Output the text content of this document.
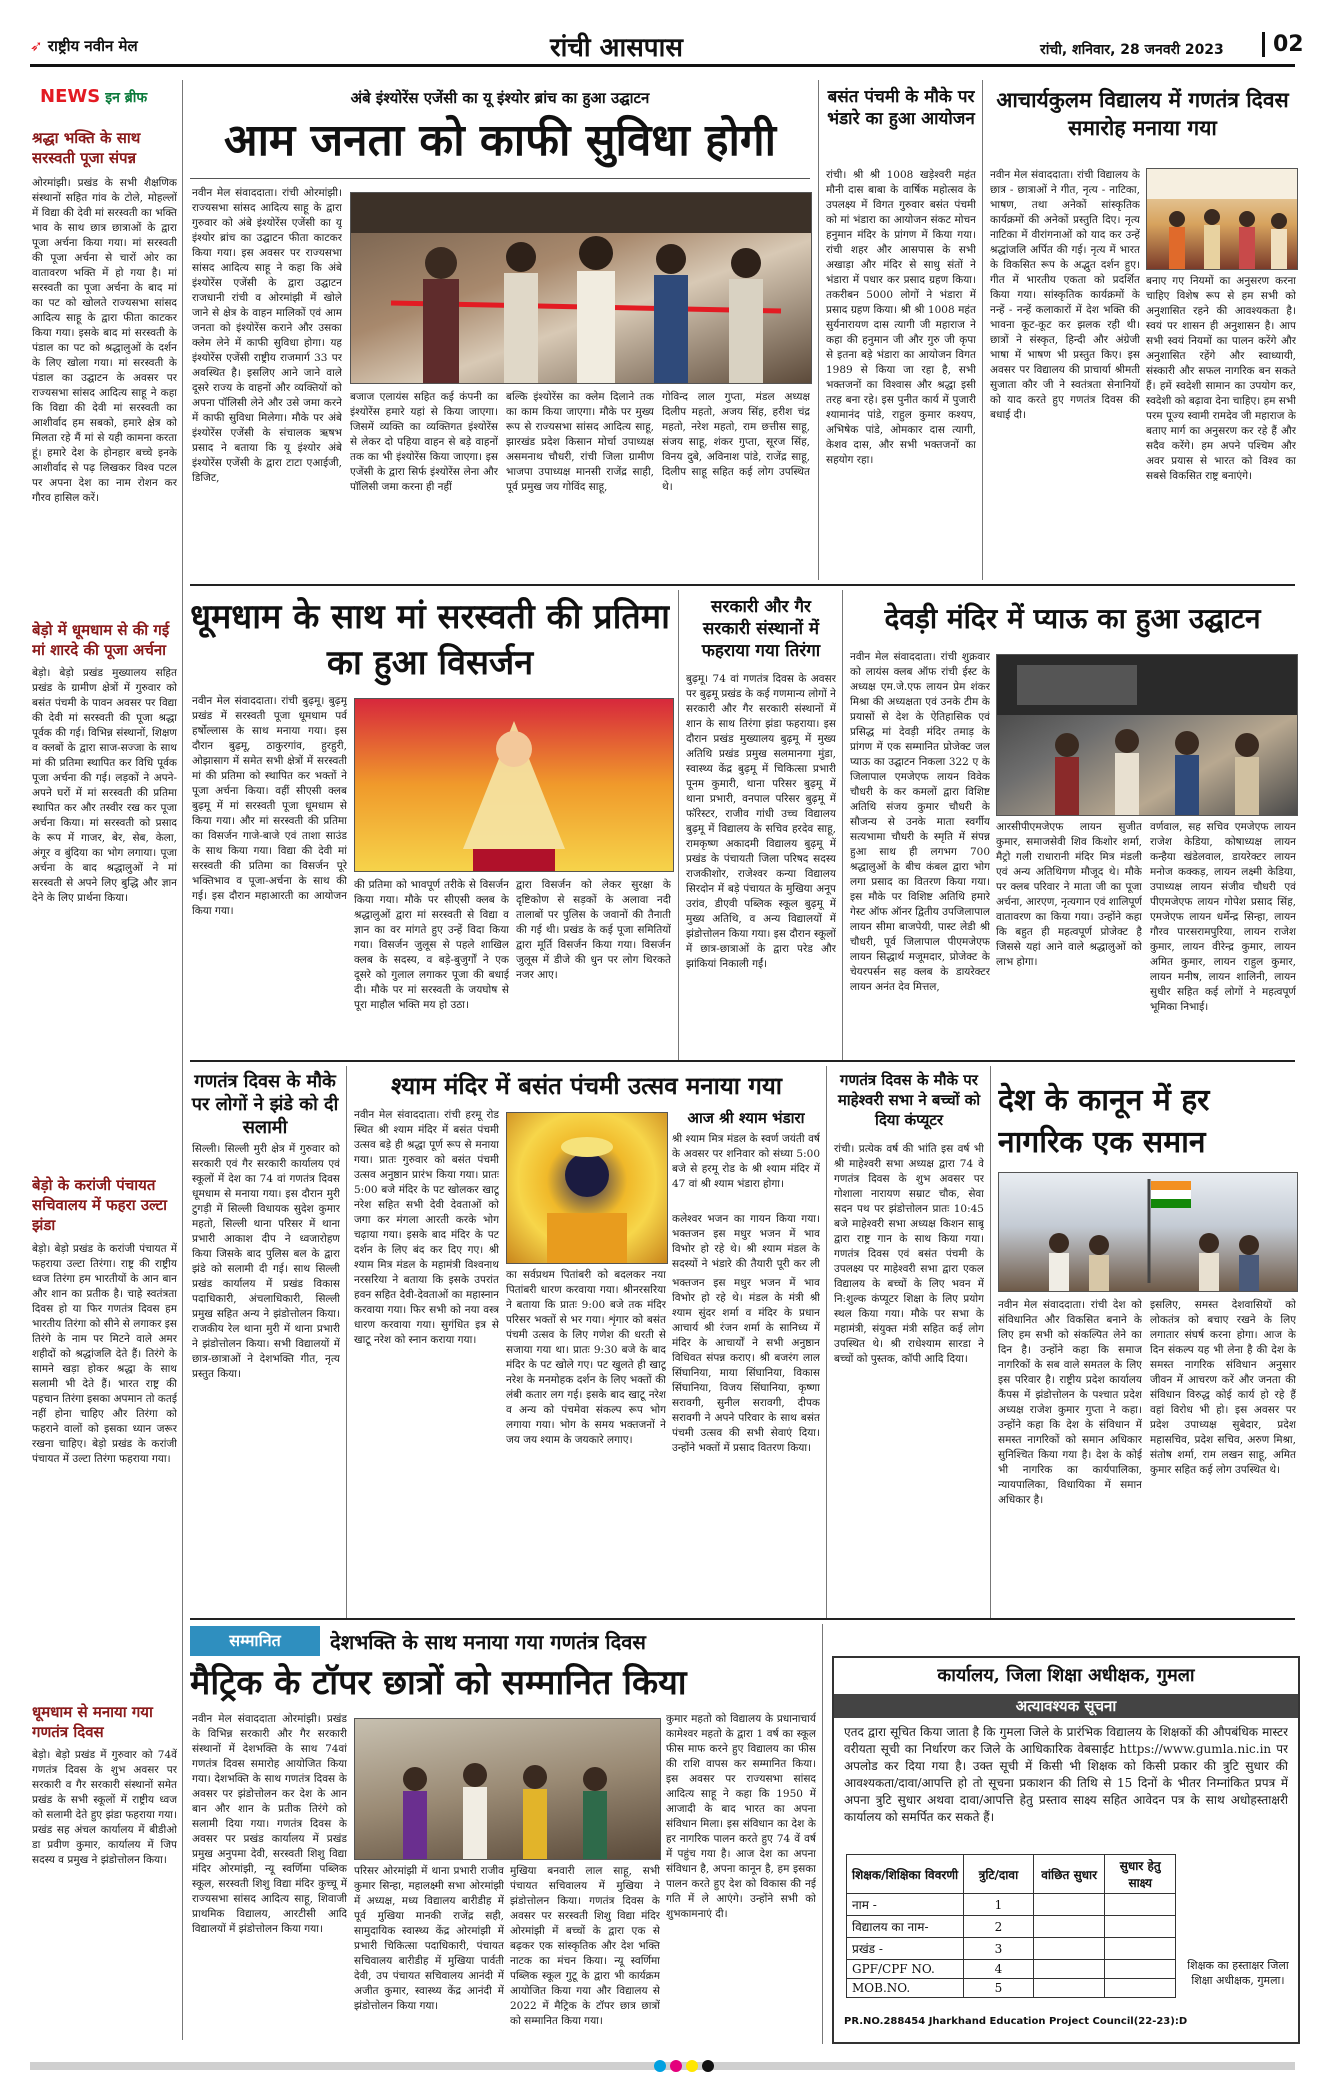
➶ राष्ट्रीय नवीन मेल	रांची आसपास	रांची, शनिवार, 28 जनवरी 2023	02
NEWS इन ब्रीफ
श्रद्धा भक्ति के साथ सरस्वती पूजा संपन्न
ओरमांझी। प्रखंड के सभी शैक्षणिक संस्थानों सहित गांव के टोले, मोहल्लों में विद्या की देवी मां सरस्वती का भक्ति भाव के साथ छात्र छात्राओं के द्वारा पूजा अर्चना किया गया। मां सरस्वती की पूजा अर्चना से चारों ओर का वातावरण भक्ति में हो गया है। मां सरस्वती का पूजा अर्चना के बाद मां का पट को खोलते राज्यसभा सांसद आदित्य साहू के द्वारा फीता काटकर किया गया। इसके बाद मां सरस्वती के पंडाल का पट को श्रद्धालुओं के दर्शन के लिए खोला गया। मां सरस्वती के पंडाल का उद्घाटन के अवसर पर राज्यसभा सांसद आदित्य साहू ने कहा कि विद्या की देवी मां सरस्वती का आशीर्वाद हम सबको, हमारे क्षेत्र को मिलता रहे मैं मां से यही कामना करता हूं। हमारे देश के होनहार बच्चे इनके आशीर्वाद से पढ़ लिखकर विश्व पटल पर अपना देश का नाम रोशन कर गौरव हासिल करें।
बेड़ो में धूमधाम से की गई मां शारदे की पूजा अर्चना
बेड़ो। बेड़ो प्रखंड मुख्यालय सहित प्रखंड के ग्रामीण क्षेत्रों में गुरुवार को बसंत पंचमी के पावन अवसर पर विद्या की देवी मां सरस्वती की पूजा श्रद्धा पूर्वक की गई। विभिन्न संस्थानों, शिक्षण व क्लबों के द्वारा साज-सज्जा के साथ मां की प्रतिमा स्थापित कर विधि पूर्वक पूजा अर्चना की गई। लड़कों ने अपने-अपने घरों में मां सरस्वती की प्रतिमा स्थापित कर और तस्वीर रख कर पूजा अर्चना किया। मां सरस्वती को प्रसाद के रूप में गाजर, बेर, सेब, केला, अंगूर व बुंदिया का भोग लगाया। पूजा अर्चना के बाद श्रद्धालुओं ने मां सरस्वती से अपने लिए बुद्धि और ज्ञान देने के लिए प्रार्थना किया।
बेड़ो के करांजी पंचायत सचिवालय में फहरा उल्टा झंडा
बेड़ो। बेड़ो प्रखंड के करांजी पंचायत में फहराया उल्टा तिरंगा। राष्ट्र की राष्ट्रीय ध्वज तिरंगा हम भारतीयों के आन बान और शान का प्रतीक है। चाहे स्वतंत्रता दिवस हो या फिर गणतंत्र दिवस हम भारतीय तिरंगा को सीने से लगाकर इस तिरंगे के नाम पर मिटने वाले अमर शहीदों को श्रद्धांजलि देते हैं। तिरंगे के सामने खड़ा होकर श्रद्धा के साथ सलामी भी देते हैं। भारत राष्ट्र की पहचान तिरंगा इसका अपमान तो कतई नहीं होना चाहिए और तिरंगा को फहराने वालों को इसका ध्यान जरूर रखना चाहिए। बेड़ो प्रखंड के करांजी पंचायत में उल्टा तिरंगा फहराया गया।
धूमधाम से मनाया गया गणतंत्र दिवस
बेड़ो। बेड़ो प्रखंड में गुरुवार को 74वें गणतंत्र दिवस के शुभ अवसर पर सरकारी व गैर सरकारी संस्थानों समेत प्रखंड के सभी स्कूलों में राष्ट्रीय ध्वज को सलामी देते हुए झंडा फहराया गया। प्रखंड सह अंचल कार्यालय में बीडीओ डा प्रवीण कुमार, कार्यालय में जिप सदस्य व प्रमुख ने झंडोत्तोलन किया।
अंबे इंश्योरेंस एजेंसी का यू इंश्योर ब्रांच का हुआ उद्घाटन
आम जनता को काफी सुविधा होगी
नवीन मेल संवाददाता। रांची ओरमांझी। राज्यसभा सांसद आदित्य साहू के द्वारा गुरुवार को अंबे इंश्योरेंस एजेंसी का यू इंश्योर ब्रांच का उद्घाटन फीता काटकर किया गया। इस अवसर पर राज्यसभा सांसद आदित्य साहू ने कहा कि अंबे इंश्योरेंस एजेंसी के द्वारा उद्घाटन राजधानी रांची व ओरमांझी में खोले जाने से क्षेत्र के वाहन मालिकों एवं आम जनता को इंश्योरेंस कराने और उसका क्लेम लेने में काफी सुविधा होगा। यह इंश्योरेंस एजेंसी राष्ट्रीय राजमार्ग 33 पर अवस्थित है। इसलिए आने जाने वाले दूसरे राज्य के वाहनों और व्यक्तियों को अपना पॉलिसी लेने और उसे जमा करने में काफी सुविधा मिलेगा। मौके पर अंबे इंश्योरेंस एजेंसी के संचालक ऋषभ प्रसाद ने बताया कि यू इंश्योर अंबे इंश्योरेंस एजेंसी के द्वारा टाटा एआईजी, डिजिट,
बजाज एलायंस सहित कई कंपनी का इंश्योरेंस हमारे यहां से किया जाएगा। जिसमें व्यक्ति का व्यक्तिगत इंश्योरेंस से लेकर दो पहिया वाहन से बड़े वाहनों तक का भी इंश्योरेंस किया जाएगा। इस एजेंसी के द्वारा सिर्फ इंश्योरेंस लेना और पॉलिसी जमा करना ही नहीं
बल्कि इंश्योरेंस का क्लेम दिलाने तक का काम किया जाएगा। मौके पर मुख्य रूप से राज्यसभा सांसद आदित्य साहू, झारखंड प्रदेश किसान मोर्चा उपाध्यक्ष असमनाथ चौधरी, रांची जिला ग्रामीण भाजपा उपाध्यक्ष मानसी राजेंद्र साही, पूर्व प्रमुख जय गोविंद साहू,
गोविन्द लाल गुप्ता, मंडल अध्यक्ष दिलीप महतो, अजय सिंह, हरीश चंद्र महतो, नरेश महतो, राम छत्तीस साहू, संजय साहू, शंकर गुप्ता, सूरज सिंह, विनय दुबे, अविनाश पांडे, राजेंद्र साहू, दिलीप साहू सहित कई लोग उपस्थित थे।
बसंत पंचमी के मौके पर भंडारे का हुआ आयोजन
रांची। श्री श्री 1008 खड़ेश्वरी महंत मौनी दास बाबा के वार्षिक महोत्सव के उपलक्ष्य में विगत गुरुवार बसंत पंचमी को मां भंडारा का आयोजन संकट मोचन हनुमान मंदिर के प्रांगण में किया गया। रांची शहर और आसपास के सभी अखाड़ा और मंदिर से साधु संतों ने भंडारा में पधार कर प्रसाद ग्रहण किया। तकरीबन 5000 लोगों ने भंडारा में प्रसाद ग्रहण किया। श्री श्री 1008 महंत सुर्यनारायण दास त्यागी जी महाराज ने कहा की हनुमान जी और गुरु जी कृपा से इतना बड़े भंडारा का आयोजन विगत 1989 से किया जा रहा है, सभी भक्तजनों का विश्वास और श्रद्धा इसी तरह बना रहे। इस पुनीत कार्य में पुजारी श्यामानंद पांडे, राहुल कुमार कश्यप, अभिषेक पांडे, ओमकार दास त्यागी, केशव दास, और सभी भक्तजनों का सहयोग रहा।
आचार्यकुलम विद्यालय में गणतंत्र दिवस समारोह मनाया गया
नवीन मेल संवाददाता। रांची विद्यालय के छात्र - छात्राओं ने गीत, नृत्य - नाटिका, भाषण, तथा अनेकों सांस्कृतिक कार्यक्रमों की अनेकों प्रस्तुति दिए। नृत्य नाटिका में वीरांगनाओं को याद कर उन्हें श्रद्धांजलि अर्पित की गई। नृत्य में भारत के विकसित रूप के अद्भुत दर्शन हुए। गीत में भारतीय एकता को प्रदर्शित किया गया। सांस्कृतिक कार्यक्रमों के नन्हें - नन्हें कलाकारों में देश भक्ति की भावना कूट-कूट कर झलक रही थी। छात्रों ने संस्कृत, हिन्दी और अंग्रेजी भाषा में भाषण भी प्रस्तुत किए। इस अवसर पर विद्यालय की प्राचार्या श्रीमती सुजाता कौर जी ने स्वतंत्रता सेनानियों को याद करते हुए गणतंत्र दिवस की बधाई दी।
बनाए गए नियमों का अनुसरण करना चाहिए विशेष रूप से हम सभी को अनुशासित रहने की आवश्यकता है। स्वयं पर शासन ही अनुशासन है। आप सभी स्वयं नियमों का पालन करेंगे और अनुशासित रहेंगे और स्वाध्यायी, संस्कारी और सफल नागरिक बन सकते हैं। हमें स्वदेशी सामान का उपयोग कर, स्वदेशी को बढ़ावा देना चाहिए। हम सभी परम पूज्य स्वामी रामदेव जी महाराज के बताए मार्ग का अनुसरण कर रहे हैं और सदैव करेंगे। हम अपने पश्चिम और अवर प्रयास से भारत को विश्व का सबसे विकसित राष्ट्र बनाएंगे।
धूमधाम के साथ मां सरस्वती की प्रतिमा का हुआ विसर्जन
नवीन मेल संवाददाता। रांची बुढ़मू। बुढ़मू प्रखंड में सरस्वती पूजा धूमधाम पर्व हर्षोल्लास के साथ मनाया गया। इस दौरान बुढ़मू, ठाकुरगांव, हुरहुरी, ओझासाग में समेत सभी क्षेत्रों में सरस्वती मां की प्रतिमा को स्थापित कर भक्तों ने पूजा अर्चना किया। वहीं सीएसी क्लब बुढ़मू में मां सरस्वती पूजा धूमधाम से किया गया। और मां सरस्वती की प्रतिमा का विसर्जन गाजे-बाजे एवं ताशा साउंड के साथ किया गया। विद्या की देवी मां सरस्वती की प्रतिमा का विसर्जन पूरे भक्तिभाव व पूजा-अर्चना के साथ की गई। इस दौरान महाआरती का आयोजन किया गया।
की प्रतिमा को भावपूर्ण तरीके से विसर्जन किया गया। मौके पर सीएसी क्लब के श्रद्धालुओं द्वारा मां सरस्वती से विद्या व ज्ञान का वर मांगते हुए उन्हें विदा किया गया। विसर्जन जुलूस से पहले शाखिल क्लब के सदस्य, व बड़े-बुजुर्गों ने एक दूसरे को गुलाल लगाकर पूजा की बधाई दी। मौके पर मां सरस्वती के जयघोष से पूरा माहौल भक्ति मय हो उठा।
द्वारा विसर्जन को लेकर सुरक्षा के दृष्टिकोण से सड़कों के अलावा नदी तालाबों पर पुलिस के जवानों की तैनाती की गई थी। प्रखंड के कई पूजा समितियों द्वारा मूर्ति विसर्जन किया गया। विसर्जन जुलूस में डीजे की धुन पर लोग थिरकते नजर आए।
सरकारी और गैर सरकारी संस्थानों में फहराया गया तिरंगा
बुढ़मू। 74 वां गणतंत्र दिवस के अवसर पर बुढ़मू प्रखंड के कई गणमान्य लोगों ने सरकारी और गैर सरकारी संस्थानों में शान के साथ तिरंगा झंडा फहराया। इस दौरान प्रखंड मुख्यालय बुढ़मू में मुख्य अतिथि प्रखंड प्रमुख सलमानगा मुंडा, स्वास्थ्य केंद्र बुढ़मू में चिकित्सा प्रभारी पूनम कुमारी, थाना परिसर बुढ़मू में थाना प्रभारी, वनपाल परिसर बुढ़मू में फॉरेस्टर, राजीव गांधी उच्च विद्यालय बुढ़मू में विद्यालय के सचिव हरदेव साहू, रामकृष्ण अकादमी विद्यालय बुढ़मू में प्रखंड के पंचायती जिला परिषद सदस्य राजकीशोर, राजेश्वर कन्या विद्यालय सिरदोन में बड़े पंचायत के मुखिया अनूप उरांव, डीएवी पब्लिक स्कूल बुढ़मू में मुख्य अतिथि, व अन्य विद्यालयों में झंडोत्तोलन किया गया। इस दौरान स्कूलों में छात्र-छात्राओं के द्वारा परेड और झांकियां निकाली गईं।
देवड़ी मंदिर में प्याऊ का हुआ उद्घाटन
नवीन मेल संवाददाता। रांची शुक्रवार को लायंस क्लब ऑफ रांची ईस्ट के अध्यक्ष एम.जे.एफ लायन प्रेम शंकर मिश्रा की अध्यक्षता एवं उनके टीम के प्रयासों से देश के ऐतिहासिक एवं प्रसिद्ध मां देवड़ी मंदिर तमाड़ के प्रांगण में एक सम्मानित प्रोजेक्ट जल प्याऊ का उद्घाटन निकला 322 ए के जिलापाल एमजेएफ लायन विवेक चौधरी के कर कमलों द्वारा विशिष्ट अतिथि संजय कुमार चौधरी के सौजन्य से उनके माता स्वर्गीय सत्यभामा चौधरी के स्मृति में संपन्न हुआ साथ ही लगभग 700 श्रद्धालुओं के बीच कंबल द्वारा भोग लगा प्रसाद का वितरण किया गया। इस मौके पर विशिष्ट अतिथि हमारे गेस्ट ऑफ ऑनर द्वितीय उपजिलापाल लायन सीमा बाजपेयी, पास्ट लेडी श्री चौधरी, पूर्व जिलापाल पीएमजेएफ लायन सिद्धार्थ मजूमदार, प्रोजेक्ट के चेयरपर्सन सह क्लब के डायरेक्टर लायन अनंत देव मित्तल,
आरसीपीएमजेएफ लायन सुजीत कुमार, समाजसेवी शिव किशोर शर्मा, मैट्रो गली राधारानी मंदिर मित्र मंडली एवं अन्य अतिथिगण मौजूद थे। मौके पर क्लब परिवार ने माता जी का पूजा अर्चना, आरएण, नृत्यगान एवं शालिपूर्ण वातावरण का किया गया। उन्होंने कहा कि बहुत ही महत्वपूर्ण प्रोजेक्ट है जिससे यहां आने वाले श्रद्धालुओं को लाभ होगा।
वर्णवाल, सह सचिव एमजेएफ लायन राजेश केडिया, कोषाध्यक्ष लायन कन्हैया खंडेलवाल, डायरेक्टर लायन मनोज कक्कड़, लायन लक्ष्मी केडिया, उपाध्यक्ष लायन संजीव चौधरी एवं पीएमजेएफ लायन गोपेश प्रसाद सिंह, एमजेएफ लायन धर्मेन्द्र सिन्हा, लायन गौरव पारसरामपुरिया, लायन राजेश कुमार, लायन वीरेन्द्र कुमार, लायन अमित कुमार, लायन राहुल कुमार, लायन मनीष, लायन शालिनी, लायन सुधीर सहित कई लोगों ने महत्वपूर्ण भूमिका निभाई।
गणतंत्र दिवस के मौके पर लोगों ने झंडे को दी सलामी
सिल्ली। सिल्ली मुरी क्षेत्र में गुरुवार को सरकारी एवं गैर सरकारी कार्यालय एवं स्कूलों में देश का 74 वां गणतंत्र दिवस धूमधाम से मनाया गया। इस दौरान मुरी टुगड़ी में सिल्ली विधायक सुदेश कुमार महतो, सिल्ली थाना परिसर में थाना प्रभारी आकाश दीप ने ध्वजारोहण किया जिसके बाद पुलिस बल के द्वारा झंडे को सलामी दी गई। साथ सिल्ली प्रखंड कार्यालय में प्रखंड विकास पदाधिकारी, अंचलाधिकारी, सिल्ली प्रमुख सहित अन्य ने झंडोत्तोलन किया। राजकीय रेल थाना मुरी में थाना प्रभारी ने झंडोत्तोलन किया। सभी विद्यालयों में छात्र-छात्राओं ने देशभक्ति गीत, नृत्य प्रस्तुत किया।
श्याम मंदिर में बसंत पंचमी उत्सव मनाया गया
नवीन मेल संवाददाता। रांची हरमू रोड स्थित श्री श्याम मंदिर में बसंत पंचमी उत्सव बड़े ही श्रद्धा पूर्ण रूप से मनाया गया। प्रातः गुरुवार को बसंत पंचमी उत्सव अनुष्ठान प्रारंभ किया गया। प्रातः 5:00 बजे मंदिर के पट खोलकर खाटू नरेश सहित सभी देवी देवताओं को जगा कर मंगला आरती करके भोग चढ़ाया गया। इसके बाद मंदिर के पट दर्शन के लिए बंद कर दिए गए। श्री श्याम मित्र मंडल के महामंत्री विश्वनाथ नरसरिया ने बताया कि इसके उपरांत हवन सहित देवी-देवताओं का महास्नान करवाया गया। फिर सभी को नया वस्त्र धारण करवाया गया। सुगंधित इत्र से खाटू नरेश को स्नान कराया गया।
का सर्वप्रथम पितांबरी को बदलकर नया पितांबरी धारण करवाया गया। श्रीनरसरिया ने बताया कि प्रातः 9:00 बजे तक मंदिर परिसर भक्तों से भर गया। शृंगार को बसंत पंचमी उत्सव के लिए गणेश की धरती से सजाया गया था। प्रातः 9:30 बजे के बाद मंदिर के पट खोले गए। पट खुलते ही खाटू नरेश के मनमोहक दर्शन के लिए भक्तों की लंबी कतार लग गई। इसके बाद खाटू नरेश व अन्य को पंचमेवा संकल्प रूप भोग लगाया गया। भोग के समय भक्तजनों ने जय जय श्याम के जयकारे लगाए।
आज श्री श्याम भंडारा
श्री श्याम मित्र मंडल के स्वर्ण जयंती वर्ष के अवसर पर शनिवार को संध्या 5:00 बजे से हरमू रोड के श्री श्याम मंदिर में 47 वां श्री श्याम भंडारा होगा।
कलेश्वर भजन का गायन किया गया। भक्तजन इस मधुर भजन में भाव विभोर हो रहे थे। श्री श्याम मंडल के सदस्यों ने भंडारे की तैयारी पूरी कर ली
भक्तजन इस मधुर भजन में भाव विभोर हो रहे थे। मंडल के मंत्री श्री श्याम सुंदर शर्मा व मंदिर के प्रधान आचार्य श्री रंजन शर्मा के सानिध्य में मंदिर के आचार्यों ने सभी अनुष्ठान विधिवत संपन्न कराए। श्री बजरंग लाल सिंघानिया, माया सिंघानिया, विकास सिंघानिया, विजय सिंघानिया, कृष्णा सरावगी, सुनील सरावगी, दीपक सरावगी ने अपने परिवार के साथ बसंत पंचमी उत्सव की सभी सेवाएं दिया। उन्होंने भक्तों में प्रसाद वितरण किया।
गणतंत्र दिवस के मौके पर माहेश्वरी सभा ने बच्चों को दिया कंप्यूटर
रांची। प्रत्येक वर्ष की भांति इस वर्ष भी श्री माहेश्वरी सभा अध्यक्ष द्वारा 74 वे गणतंत्र दिवस के शुभ अवसर पर गोशाला नारायण सम्राट चौक, सेवा सदन पथ पर झंडोत्तोलन प्रातः 10:45 बजे माहेश्वरी सभा अध्यक्ष किशन साबू द्वारा राष्ट्र गान के साथ किया गया। गणतंत्र दिवस एवं बसंत पंचमी के उपलक्ष्य पर माहेश्वरी सभा द्वारा एकल विद्यालय के बच्चों के लिए भवन में नि:शुल्क कंप्यूटर शिक्षा के लिए प्रयोग स्थल किया गया। मौके पर सभा के महामंत्री, संयुक्त मंत्री सहित कई लोग उपस्थित थे। श्री राधेश्याम सारडा ने बच्चों को पुस्तक, कॉपी आदि दिया।
देश के कानून में हर नागरिक एक समान
नवीन मेल संवाददाता। रांची देश को संविधानित और विकसित बनाने के लिए हम सभी को संकल्पित लेने का दिन है। उन्होंने कहा कि समाज नागरिकों के सब वाले समतल के लिए इस परिवार है। राष्ट्रीय प्रदेश कार्यालय कैंपस में झंडोत्तोलन के पश्चात प्रदेश अध्यक्ष राजेश कुमार गुप्ता ने कहा। उन्होंने कहा कि देश के संविधान में समस्त नागरिकों को समान अधिकार सुनिश्चित किया गया है। देश के कोई भी नागरिक का कार्यपालिका, न्यायपालिका, विधायिका में समान अधिकार है।
इसलिए, समस्त देशवासियों को लोकतंत्र को बचाए रखने के लिए लगातार संघर्ष करना होगा। आज के दिन संकल्प यह भी लेना है की देश के समस्त नागरिक संविधान अनुसार जीवन में आचरण करें और जनता की संविधान विरुद्ध कोई कार्य हो रहे हैं वहां विरोध भी हो। इस अवसर पर प्रदेश उपाध्यक्ष सुबेदार, प्रदेश महासचिव, प्रदेश सचिव, अरुण मिश्रा, संतोष शर्मा, राम लखन साहू, अमित कुमार सहित कई लोग उपस्थित थे।
सम्मानित	देशभक्ति के साथ मनाया गया गणतंत्र दिवस
मैट्रिक के टॉपर छात्रों को सम्मानित किया
नवीन मेल संवाददाता ओरमांझी। प्रखंड के विभिन्न सरकारी और गैर सरकारी संस्थानों में देशभक्ति के साथ 74वां गणतंत्र दिवस समारोह आयोजित किया गया। देशभक्ति के साथ गणतंत्र दिवस के अवसर पर झंडोत्तोलन कर देश के आन बान और शान के प्रतीक तिरंगे को सलामी दिया गया। गणतंत्र दिवस के अवसर पर प्रखंड कार्यालय में प्रखंड प्रमुख अनुपमा देवी, सरस्वती शिशु विद्या मंदिर ओरमांझी, न्यू स्वर्णिमा पब्लिक स्कूल, सरस्वती शिशु विद्या मंदिर कुच्चू में राज्यसभा सांसद आदित्य साहू, शिवाजी प्राथमिक विद्यालय, आरटीसी आदि विद्यालयों में झंडोत्तोलन किया गया।
परिसर ओरमांझी में थाना प्रभारी राजीव कुमार सिन्हा, महालक्ष्मी सभा ओरमांझी में अध्यक्ष, मध्य विद्यालय बारीडीह में पूर्व मुखिया मानकी राजेंद्र सही, सामुदायिक स्वास्थ्य केंद्र ओरमांझी में प्रभारी चिकित्सा पदाधिकारी, पंचायत सचिवालय बारीडीह में मुखिया पार्वती देवी, उप पंचायत सचिवालय आनंदी में अजीत कुमार, स्वास्थ्य केंद्र आनंदी में झंडोत्तोलन किया गया।
मुखिया बनवारी लाल साहू, सभी पंचायत सचिवालय में मुखिया ने झंडोत्तोलन किया। गणतंत्र दिवस के अवसर पर सरस्वती शिशु विद्या मंदिर ओरमांझी में बच्चों के द्वारा एक से बढ़कर एक सांस्कृतिक और देश भक्ति नाटक का मंचन किया। न्यू स्वर्णिमा पब्लिक स्कूल गुटू के द्वारा भी कार्यक्रम आयोजित किया गया और विद्यालय से 2022 में मैट्रिक के टॉपर छात्र छात्रों को सम्मानित किया गया।
कुमार महतो को विद्यालय के प्रधानाचार्य कामेश्वर महतो के द्वारा 1 वर्ष का स्कूल फीस माफ करने हुए विद्यालय का फीस की राशि वापस कर सम्मानित किया। इस अवसर पर राज्यसभा सांसद आदित्य साहू ने कहा कि 1950 में आजादी के बाद भारत का अपना संविधान मिला। इस संविधान का देश के हर नागरिक पालन करते हुए 74 वें वर्ष में पहुंच गया है। आज देश का अपना संविधान है, अपना कानून है, हम इसका पालन करते हुए देश को विकास की नई गति में ले आएंगे। उन्होंने सभी को शुभकामनाएं दी।
कार्यालय, जिला शिक्षा अधीक्षक, गुमला
अत्यावश्यक सूचना
एतद द्वारा सूचित किया जाता है कि गुमला जिले के प्रारंभिक विद्यालय के शिक्षकों की औपबंधिक मास्टर वरीयता सूची का निर्धारण कर जिले के आधिकारिक वेबसाईट https://www.gumla.nic.in पर अपलोड कर दिया गया है। उक्त सूची में किसी भी शिक्षक को किसी प्रकार की त्रुटि सुधार की आवश्यकता/दावा/आपत्ति हो तो सूचना प्रकाशन की तिथि से 15 दिनों के भीतर निम्नांकित प्रपत्र में अपना त्रुटि सुधार अथवा दावा/आपत्ति हेतु प्रस्ताव साक्ष्य सहित आवेदन पत्र के साथ अधोहस्ताक्षरी कार्यालय को समर्पित कर सकते हैं।
शिक्षक/शिक्षिका विवरणी	त्रुटि/दावा	वांछित सुधार	सुधार हेतु साक्ष्य
नाम -	1		
विद्यालय का नाम-	2		
प्रखंड -	3		
GPF/CPF NO.	4		
MOB.NO.	5		
शिक्षक का हस्ताक्षर जिला शिक्षा अधीक्षक, गुमला।
PR.NO.288454 Jharkhand Education Project Council(22-23):D
